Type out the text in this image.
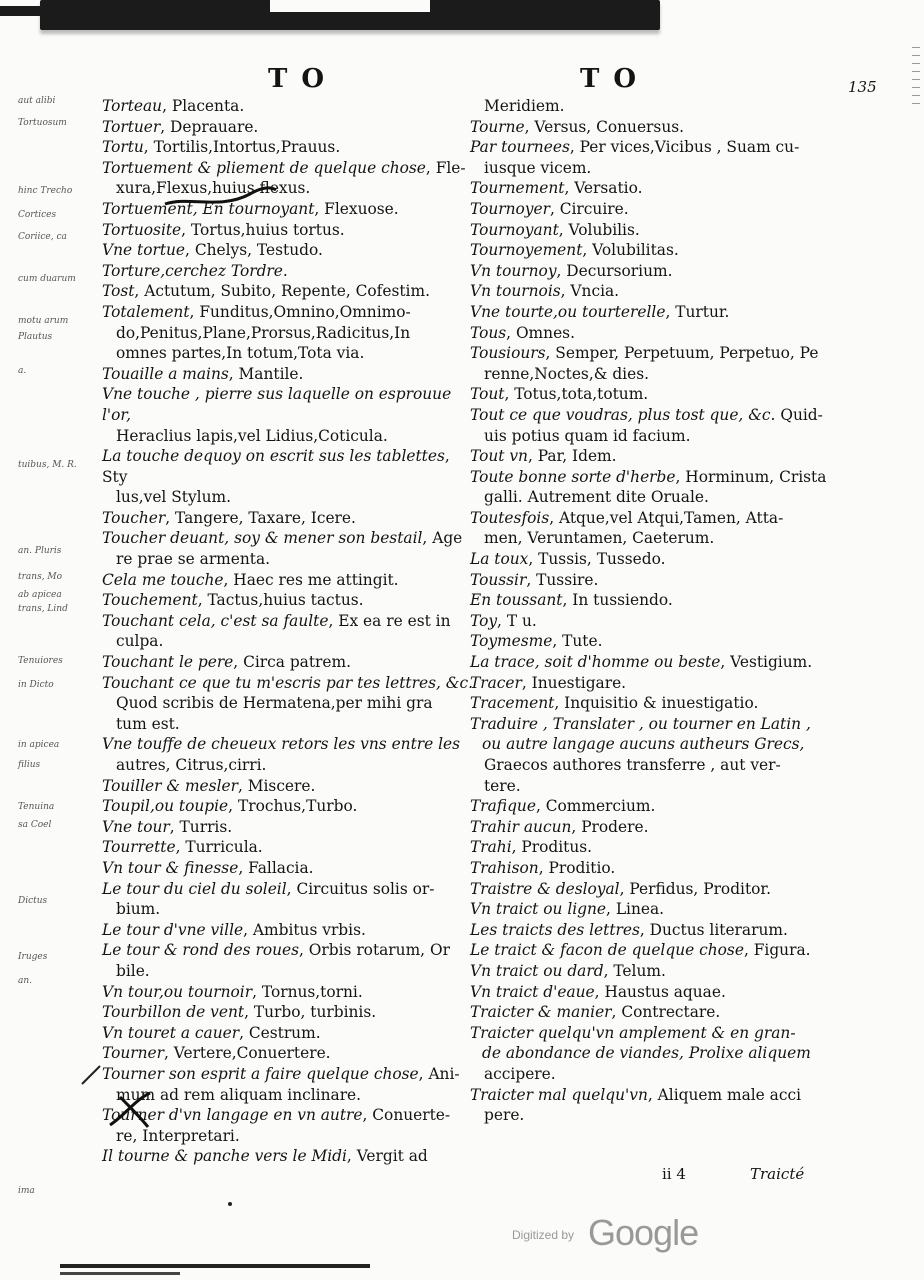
TO	TO	135
aut alibi
Tortuosum
hinc Trecho
Cortices
Coriice, ca
cum duarum
motu arum
Plautus
a.
tuibus, M. R.
an. Pluris
trans, Mo
ab apicea
trans, Lind
Tenuiores
in Dicto
in apicea
filius
Tenuina
sa Coel
Dictus
Iruges
an.
ima

Torteau, Placenta.

Tortuer, Deprauare.

Tortu, Tortilis,Intortus,Prauus.

Tortuement & pliement de quelque chose, Fle-

xura,Flexus,huius flexus.

Tortuement, En tournoyant, Flexuose.

Tortuosite, Tortus,huius tortus.

Vne tortue, Chelys, Testudo.

Torture,cerchez Tordre.

Tost, Actutum, Subito, Repente, Cofestim.

Totalement, Funditus,Omnino,Omnimo-

do,Penitus,Plane,Prorsus,Radicitus,In

omnes partes,In totum,Tota via.

Touaille a mains, Mantile.

Vne touche , pierre sus laquelle on esprouue l'or,

Heraclius lapis,vel Lidius,Coticula.

La touche dequoy on escrit sus les tablettes, Sty

lus,vel Stylum.

Toucher, Tangere, Taxare, Icere.

Toucher deuant, soy & mener son bestail, Age

re prae se armenta.

Cela me touche, Haec res me attingit.

Touchement, Tactus,huius tactus.

Touchant cela, c'est sa faulte, Ex ea re est in

culpa.

Touchant le pere, Circa patrem.

Touchant ce que tu m'escris par tes lettres, &c.

Quod scribis de Hermatena,per mihi gra

tum est.

Vne touffe de cheueux retors les vns entre les

autres, Citrus,cirri.

Touiller & mesler, Miscere.

Toupil,ou toupie, Trochus,Turbo.

Vne tour, Turris.

Tourrette, Turricula.

Vn tour & finesse, Fallacia.

Le tour du ciel du soleil, Circuitus solis or-

bium.

Le tour d'vne ville, Ambitus vrbis.

Le tour & rond des roues, Orbis rotarum, Or

bile.

Vn tour,ou tournoir, Tornus,torni.

Tourbillon de vent, Turbo, turbinis.

Vn touret a cauer, Cestrum.

Tourner, Vertere,Conuertere.

Tourner son esprit a faire quelque chose, Ani-

mum ad rem aliquam inclinare.

Tourner d'vn langage en vn autre, Conuerte-

re, Interpretari.

Il tourne & panche vers le Midi, Vergit ad

Meridiem.

Tourne, Versus, Conuersus.

Par tournees, Per vices,Vicibus , Suam cu-

iusque vicem.

Tournement, Versatio.

Tournoyer, Circuire.

Tournoyant, Volubilis.

Tournoyement, Volubilitas.

Vn tournoy, Decursorium.

Vn tournois, Vncia.

Vne tourte,ou tourterelle, Turtur.

Tous, Omnes.

Tousiours, Semper, Perpetuum, Perpetuo, Pe

renne,Noctes,& dies.

Tout, Totus,tota,totum.

Tout ce que voudras, plus tost que, &c. Quid-

uis potius quam id facium.

Tout vn, Par, Idem.

Toute bonne sorte d'herbe, Horminum, Crista

galli. Autrement dite Oruale.

Toutesfois, Atque,vel Atqui,Tamen, Atta-

men, Veruntamen, Caeterum.

La toux, Tussis, Tussedo.

Toussir, Tussire.

En toussant, In tussiendo.

Toy, T u.

Toymesme, Tute.

La trace, soit d'homme ou beste, Vestigium.

Tracer, Inuestigare.

Tracement, Inquisitio & inuestigatio.

Traduire , Translater , ou tourner en Latin ,

ou autre langage aucuns autheurs Grecs,

Graecos authores transferre , aut ver-

tere.

Trafique, Commercium.

Trahir aucun, Prodere.

Trahi, Proditus.

Trahison, Proditio.

Traistre & desloyal, Perfidus, Proditor.

Vn traict ou ligne, Linea.

Les traicts des lettres, Ductus literarum.

Le traict & facon de quelque chose, Figura.

Vn traict ou dard, Telum.

Vn traict d'eaue, Haustus aquae.

Traicter & manier, Contrectare.

Traicter quelqu'vn amplement & en gran-

de abondance de viandes, Prolixe aliquem

accipere.

Traicter mal quelqu'vn, Aliquem male acci

pere.

ii 4	Traicté
Digitized by Google
